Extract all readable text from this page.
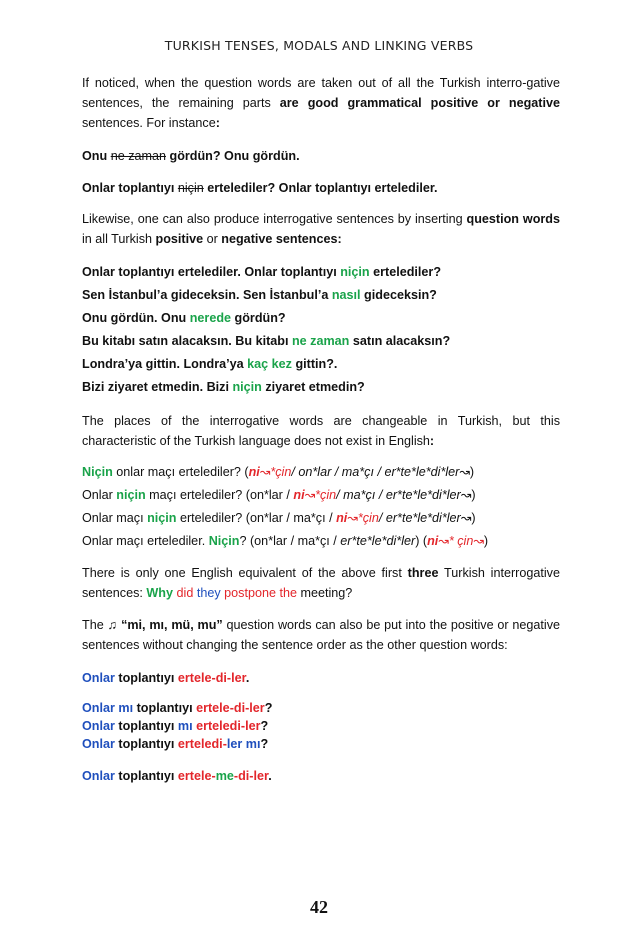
TURKISH TENSES, MODALS AND LINKING VERBS

If noticed, when the question words are taken out of all the Turkish interro-gative sentences, the remaining parts are good grammatical positive or negative sentences. For instance:

Onu ne zaman gördün? Onu gördün.

Onlar toplantıyı niçin ertelediler? Onlar toplantıyı ertelediler.

Likewise, one can also produce interrogative sentences by inserting question words in all Turkish positive or negative sentences:

Onlar toplantıyı ertelediler. Onlar toplantıyı niçin ertelediler?

Sen İstanbul’a gideceksin. Sen İstanbul’a nasıl gideceksin?

Onu gördün. Onu nerede gördün?

Bu kitabı satın alacaksın. Bu kitabı ne zaman satın alacaksın?

Londra’ya gittin. Londra’ya kaç kez gittin?.

Bizi ziyaret etmedin. Bizi niçin ziyaret etmedin?

The places of the interrogative words are changeable in Turkish, but this characteristic of the Turkish language does not exist in English:

Niçin onlar maçı ertelediler? (ni↝*çin/ on*lar / ma*çı / er*te*le*di*ler↝)

Onlar niçin maçı ertelediler? (on*lar / ni↝*çin/ ma*çı / er*te*le*di*ler↝)

Onlar maçı niçin ertelediler? (on*lar / ma*çı / ni↝*çin/ er*te*le*di*ler↝)

Onlar maçı ertelediler. Niçin? (on*lar / ma*çı / er*te*le*di*ler) (ni↝* çin↝)

There is only one English equivalent of the above first three Turkish interrogative sentences: Why did they postpone the meeting?

The ♫ “mi, mı, mü, mu” question words can also be put into the positive or negative sentences without changing the sentence order as the other question words:

Onlar toplantıyı ertele-di-ler.

Onlar mı toplantıyı ertele-di-ler?

Onlar toplantıyı mı erteledi-ler?

Onlar toplantıyı erteledi-ler mı?

Onlar toplantıyı ertele-me-di-ler.

42
